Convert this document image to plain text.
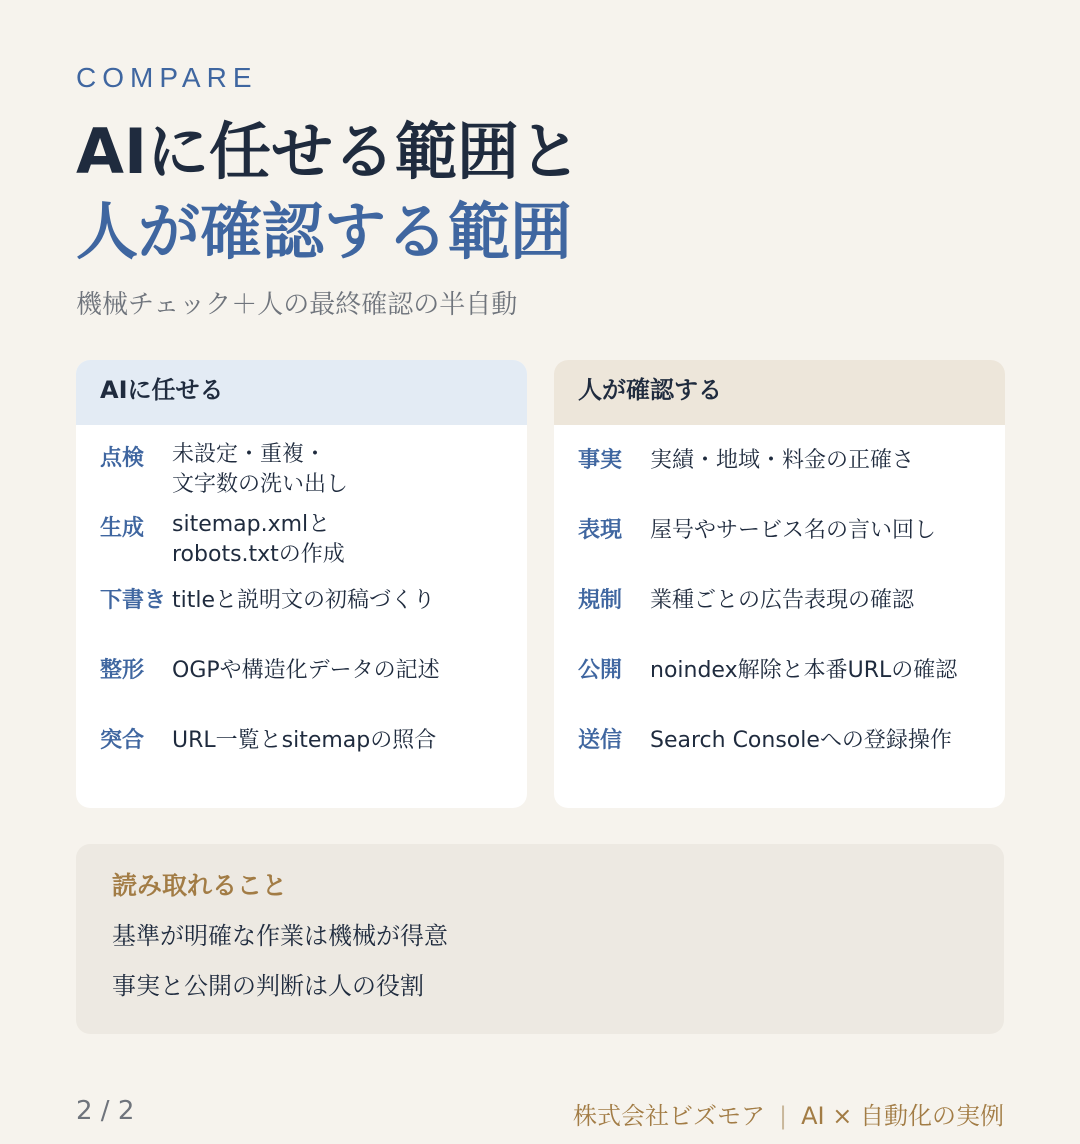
COMPARE
AIに任せる範囲と
人が確認する範囲
機械チェック＋人の最終確認の半自動
AIに任せる
点検	未設定・重複・
文字数の洗い出し
生成	sitemap.xmlと
robots.txtの作成
下書き titleと説明文の初稿づくり
整形	OGPや構造化データの記述
突合	URL一覧とsitemapの照合
人が確認する
事実	実績・地域・料金の正確さ
表現	屋号やサービス名の言い回し
規制	業種ごとの広告表現の確認
公開	noindex解除と本番URLの確認
送信	Search Consoleへの登録操作
読み取れること
基準が明確な作業は機械が得意
事実と公開の判断は人の役割
2 / 2	株式会社ビズモア | AI × 自動化の実例
